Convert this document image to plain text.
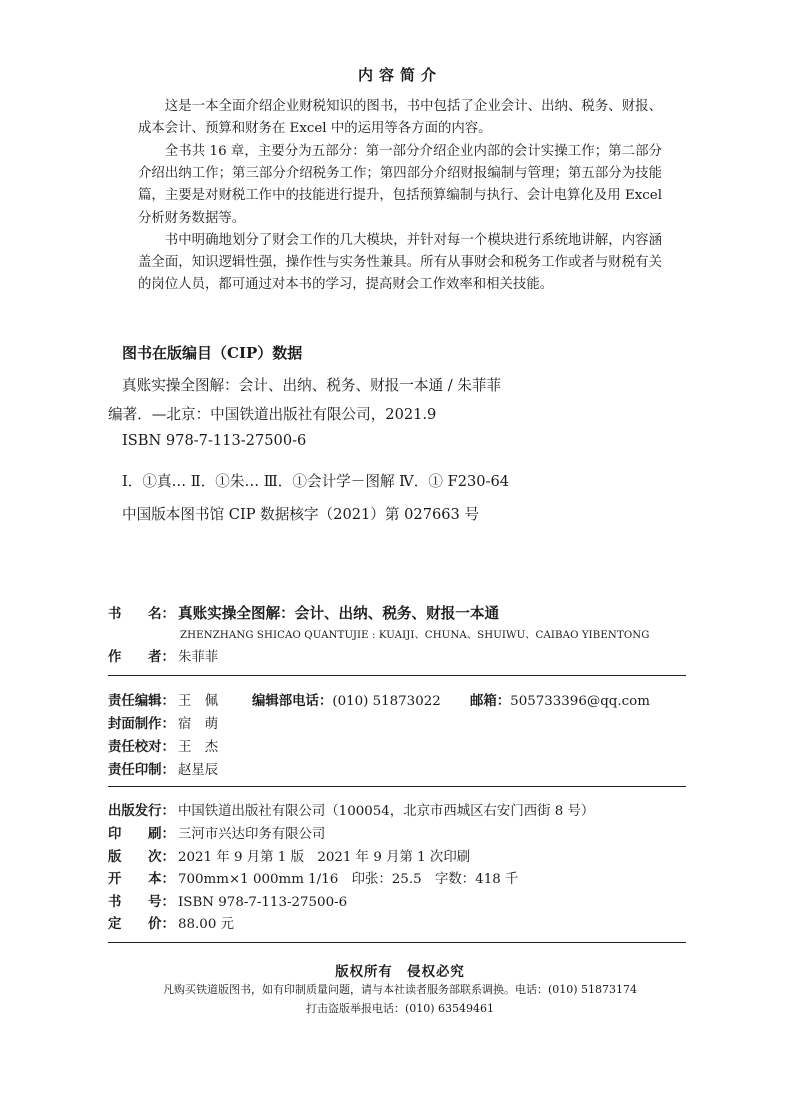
内容简介

这是一本全面介绍企业财税知识的图书，书中包括了企业会计、出纳、税务、财报、成本会计、预算和财务在 Excel 中的运用等各方面的内容。

全书共 16 章，主要分为五部分：第一部分介绍企业内部的会计实操工作；第二部分介绍出纳工作；第三部分介绍税务工作；第四部分介绍财报编制与管理；第五部分为技能篇，主要是对财税工作中的技能进行提升，包括预算编制与执行、会计电算化及用 Excel 分析财务数据等。

书中明确地划分了财会工作的几大模块，并针对每一个模块进行系统地讲解，内容涵盖全面，知识逻辑性强，操作性与实务性兼具。所有从事财会和税务工作或者与财税有关的岗位人员，都可通过对本书的学习，提高财会工作效率和相关技能。

图书在版编目（CIP）数据
真账实操全图解：会计、出纳、税务、财报一本通 / 朱菲菲
编著．—北京：中国铁道出版社有限公司，2021.9
ISBN 978-7-113-27500-6
Ⅰ．①真… Ⅱ．①朱… Ⅲ．①会计学－图解 Ⅳ．① F230-64
中国版本图书馆 CIP 数据核字（2021）第 027663 号
书　　名： 真账实操全图解：会计、出纳、税务、财报一本通
ZHENZHANG SHICAO QUANTUJIE : KUAIJI、CHUNA、SHUIWU、CAIBAO YIBENTONG
作　　者： 朱菲菲
责任编辑： 王　佩	编辑部电话：(010) 51873022 邮箱：505733396@qq.com
封面制作： 宿　萌
责任校对： 王　杰
责任印制： 赵星辰
出版发行： 中国铁道出版社有限公司（100054，北京市西城区右安门西街 8 号）
印　　刷： 三河市兴达印务有限公司
版　　次： 2021 年 9 月第 1 版　2021 年 9 月第 1 次印刷
开　　本： 700mm×1 000mm 1/16　印张：25.5　字数：418 千
书　　号： ISBN 978-7-113-27500-6
定　　价： 88.00 元
版权所有　侵权必究
凡购买铁道版图书，如有印制质量问题，请与本社读者服务部联系调换。电话：(010) 51873174
打击盗版举报电话：(010) 63549461
